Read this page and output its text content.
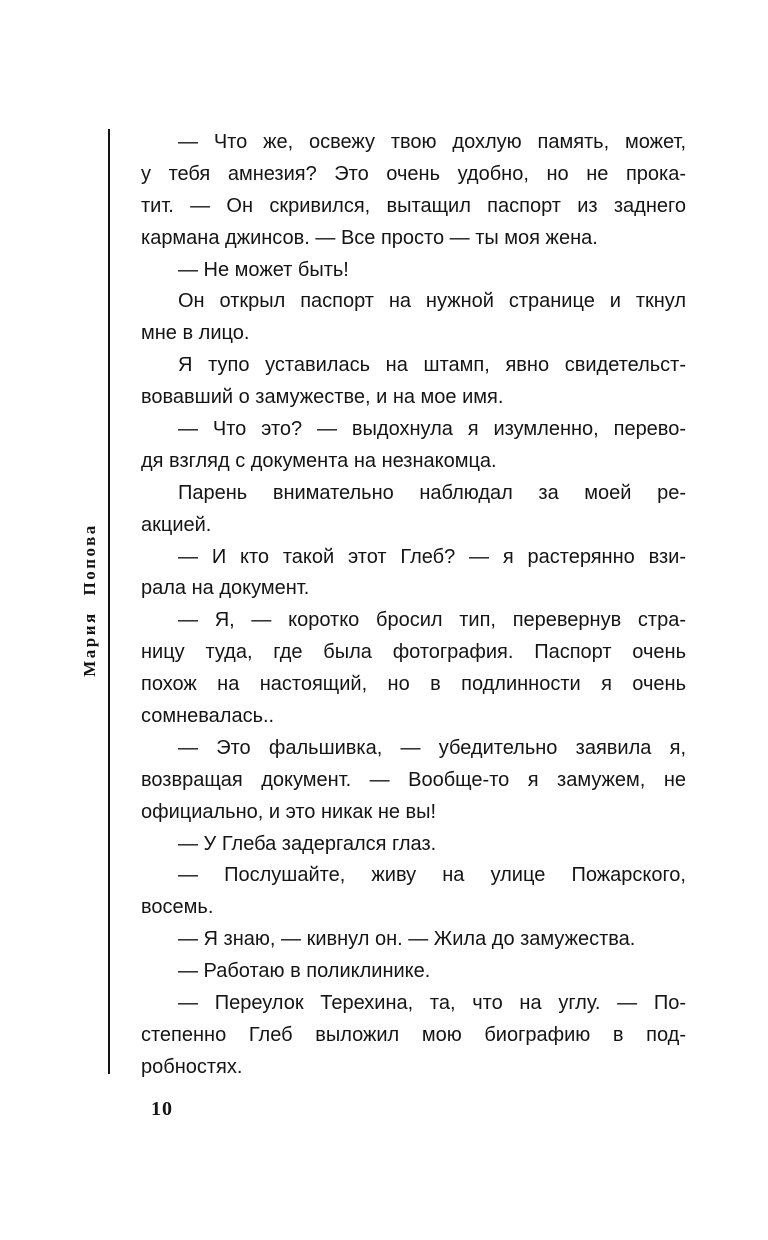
Мария Попова
— Что же, освежу твою дохлую память, может,
у тебя амнезия? Это очень удобно, но не прока-
тит. — Он скривился, вытащил паспорт из заднего
кармана джинсов. — Все просто — ты моя жена.
— Не может быть!
Он открыл паспорт на нужной странице и ткнул
мне в лицо.
Я тупо уставилась на штамп, явно свидетельст-
вовавший о замужестве, и на мое имя.
— Что это? — выдохнула я изумленно, перево-
дя взгляд с документа на незнакомца.
Парень внимательно наблюдал за моей ре-
акцией.
— И кто такой этот Глеб? — я растерянно взи-
рала на документ.
— Я, — коротко бросил тип, перевернув стра-
ницу туда, где была фотография. Паспорт очень
похож на настоящий, но в подлинности я очень
сомневалась..
— Это фальшивка, — убедительно заявила я,
возвращая документ. — Вообще-то я замужем, не
официально, и это никак не вы!
— У Глеба задергался глаз.
— Послушайте, живу на улице Пожарского,
восемь.
— Я знаю, — кивнул он. — Жила до замужества.
— Работаю в поликлинике.
— Переулок Терехина, та, что на углу. — По-
степенно Глеб выложил мою биографию в под-
робностях.
10
